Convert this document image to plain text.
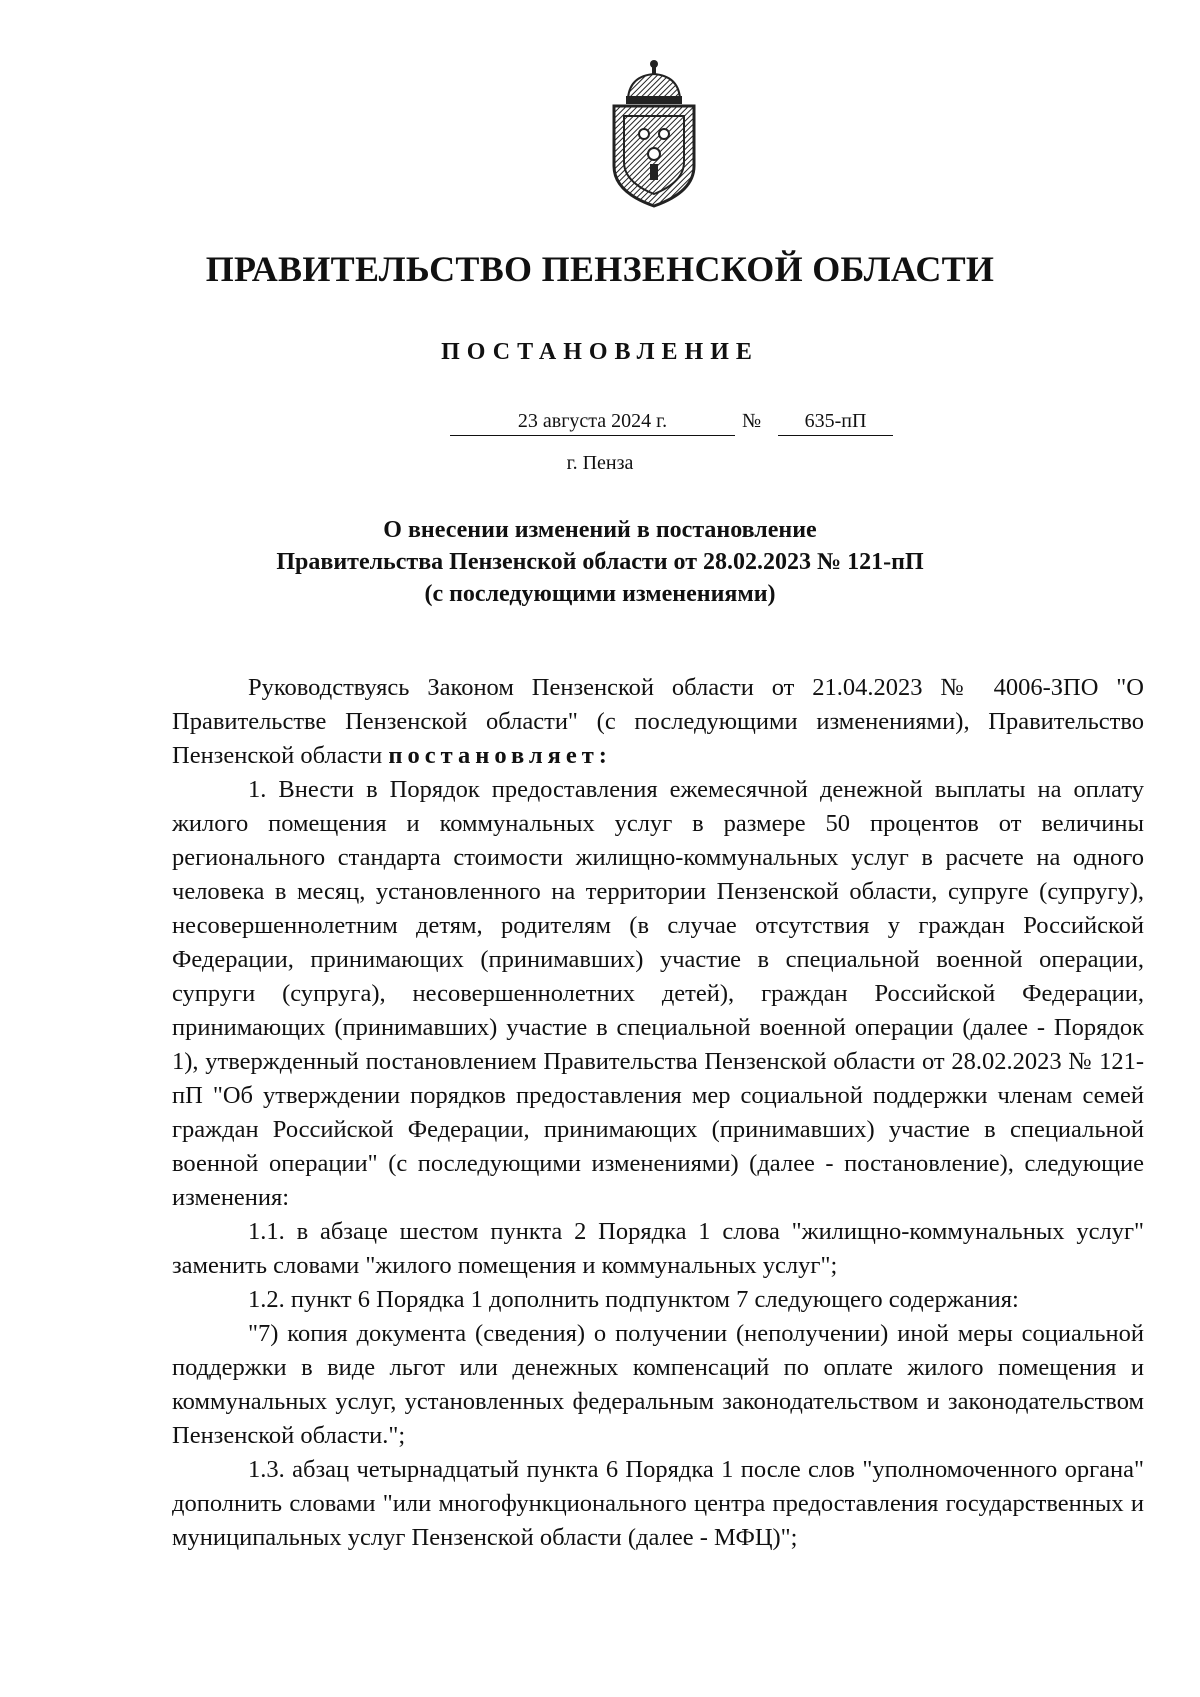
ПРАВИТЕЛЬСТВО ПЕНЗЕНСКОЙ ОБЛАСТИ
ПОСТАНОВЛЕНИЕ
23 августа 2024 г.	№	635-пП
г. Пенза
О внесении изменений в постановление
Правительства Пензенской области от 28.02.2023 № 121-пП
(с последующими изменениями)

Руководствуясь Законом Пензенской области от 21.04.2023 № 4006-ЗПО "О Правительстве Пензенской области" (с последующими изменениями), Правительство Пензенской области постановляет:

1. Внести в Порядок предоставления ежемесячной денежной выплаты на оплату жилого помещения и коммунальных услуг в размере 50 процентов от величины регионального стандарта стоимости жилищно-коммунальных услуг в расчете на одного человека в месяц, установленного на территории Пензенской области, супруге (супругу), несовершеннолетним детям, родителям (в случае отсутствия у граждан Российской Федерации, принимающих (принимавших) участие в специальной военной операции, супруги (супруга), несовершеннолетних детей), граждан Российской Федерации, принимающих (принимавших) участие в специальной военной операции (далее - Порядок 1), утвержденный постановлением Правительства Пензенской области от 28.02.2023 № 121-пП "Об утверждении порядков предоставления мер социальной поддержки членам семей граждан Российской Федерации, принимающих (принимавших) участие в специальной военной операции" (с последующими изменениями) (далее - постановление), следующие изменения:

1.1. в абзаце шестом пункта 2 Порядка 1 слова "жилищно-коммунальных услуг" заменить словами "жилого помещения и коммунальных услуг";

1.2. пункт 6 Порядка 1 дополнить подпунктом 7 следующего содержания:

"7) копия документа (сведения) о получении (неполучении) иной меры социальной поддержки в виде льгот или денежных компенсаций по оплате жилого помещения и коммунальных услуг, установленных федеральным законодательством и законодательством Пензенской области.";

1.3. абзац четырнадцатый пункта 6 Порядка 1 после слов "уполномоченного органа" дополнить словами "или многофункционального центра предоставления государственных и муниципальных услуг Пензенской области (далее - МФЦ)";
